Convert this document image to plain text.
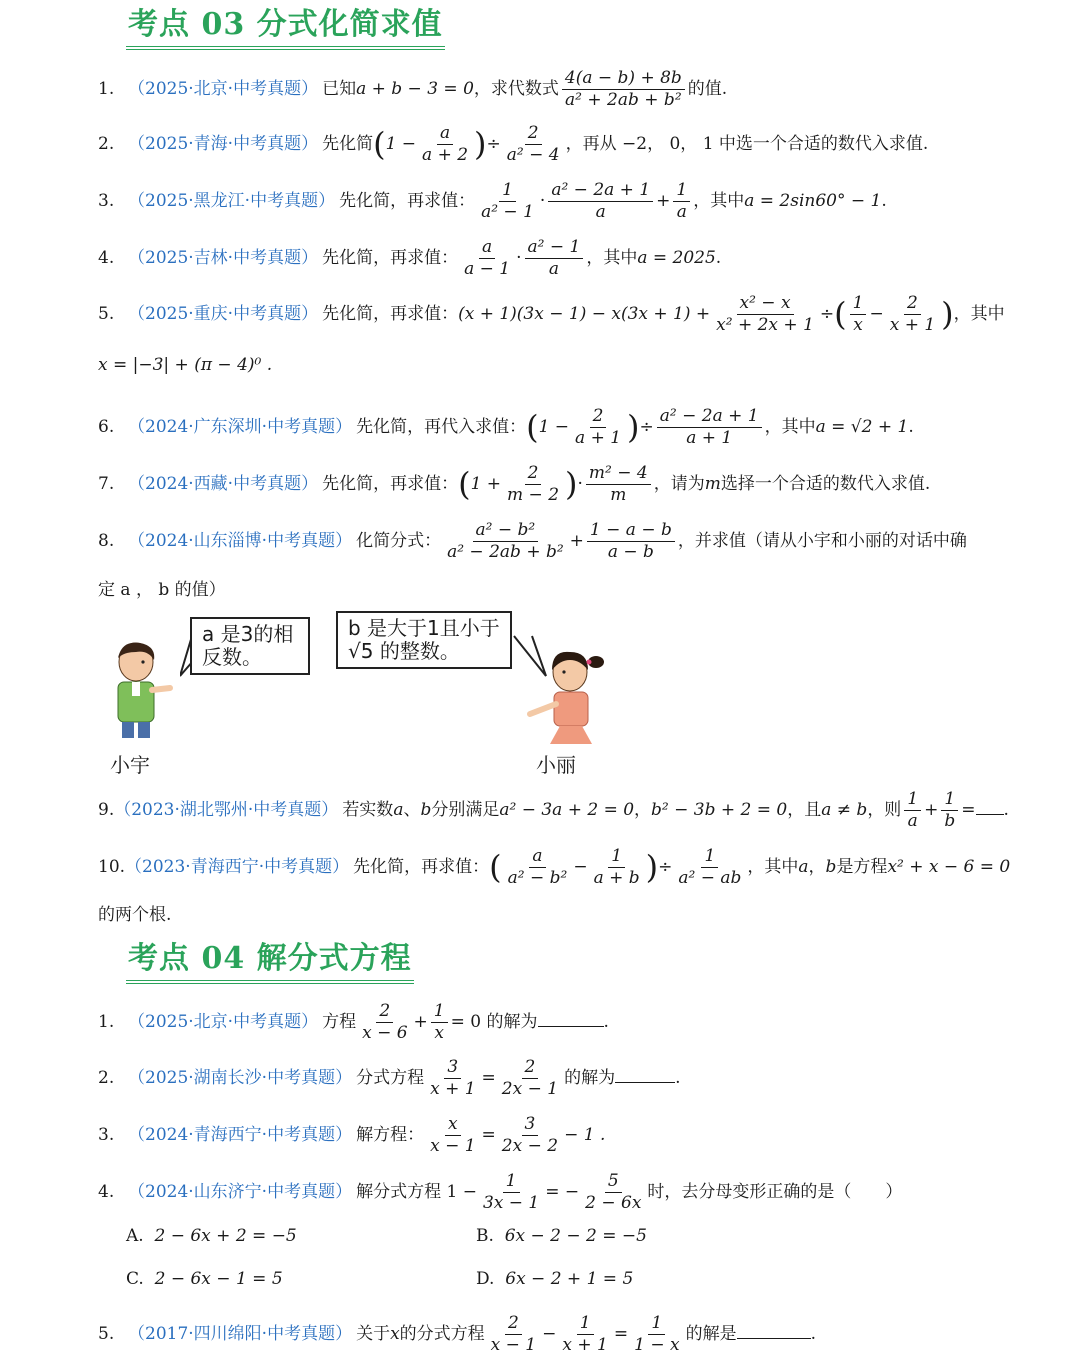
考点 03 分式化简求值
1. （2025·北京·中考真题） 已知a + b − 3 = 0，求代数式 $\frac{4(a - b) + 8b}{\text{a² + 2ab + b²}}$ 的值.
2. （2025·青海·中考真题） 先化简($1 - \frac{a}{a + 2}$ )÷ $\frac{2}{\text{a² − 4}}$ ，再从 −2， 0， 1 中选一个合适的数代入求值.
3. （2025·黑龙江·中考真题） 先化简，再求值： $\frac{1}{\text{a² − 1}} \cdot \frac{\text{a² − 2a + 1}}{a} + \frac{1}{a}$ ，其中a = 2sin60° − 1.
4. （2025·吉林·中考真题） 先化简，再求值： $\frac{a}{a - 1} \cdot \frac{\text{a² − 1}}{a}$ ，其中a = 2025.
5. （2025·重庆·中考真题） 先化简，再求值：$(x + 1)(3x - 1) - x(3x + 1) + \frac{\text{x² − x}}{\text{x² + 2x + 1}}$ ÷( $\frac{1}{x} - \frac{2}{x + 1}$ )，其中
x = |−3| + (π − 4)⁰ .
6. （2024·广东深圳·中考真题） 先化简，再代入求值：($1 - \frac{2}{a + 1}$ )÷ $\frac{\text{a² − 2a + 1}}{a + 1}$ ，其中a = √2 + 1.
7. （2024·西藏·中考真题） 先化简，再求值：($1 + \frac{2}{m - 2}$ )· $\frac{\text{m² − 4}}{m}$ ，请为m选择一个合适的数代入求值.
8. （2024·山东淄博·中考真题） 化简分式： $\frac{\text{a² − b²}}{\text{a² − 2ab + b²}} + \frac{1 - a - b}{a - b}$ ，并求值（请从小宇和小丽的对话中确
定 a ， b 的值）
a 是3的相反数。
b 是大于1且小于√5 的整数。
小宇	小丽
9.（2023·湖北鄂州·中考真题） 若实数a、b分别满足a² − 3a + 2 = 0，b² − 3b + 2 = 0，且a ≠ b，则 $\frac{1}{a} + \frac{1}{b}$ = .
10.（2023·青海西宁·中考真题） 先化简，再求值：( $\frac{a}{\text{a² − b²}} - \frac{1}{a + b}$ )÷ $\frac{1}{\text{a² − ab}}$ ，其中a，b是方程x² + x − 6 = 0
的两个根.
考点 04 解分式方程
1. （2025·北京·中考真题） 方程 $\frac{2}{x - 6} + \frac{1}{x} = 0$ 的解为	.
2. （2025·湖南长沙·中考真题） 分式方程 $\frac{3}{x + 1} = \frac{2}{2x - 1}$ 的解为	.
3. （2024·青海西宁·中考真题） 解方程： $\frac{x}{x - 1} = \frac{3}{2x - 2} - 1$ .
4. （2024·山东济宁·中考真题） 解分式方程 $1 - \frac{1}{3x - 1}$ = − $\frac{5}{2 - 6x}$ 时，去分母变形正确的是（　　）
A. 2 − 6x + 2 = −5	B. 6x − 2 − 2 = −5
C. 2 − 6x − 1 = 5	D. 6x − 2 + 1 = 5
5. （2017·四川绵阳·中考真题） 关于x的分式方程 $\frac{2}{x - 1} - \frac{1}{x + 1} = \frac{1}{1 - x}$ 的解是	.
